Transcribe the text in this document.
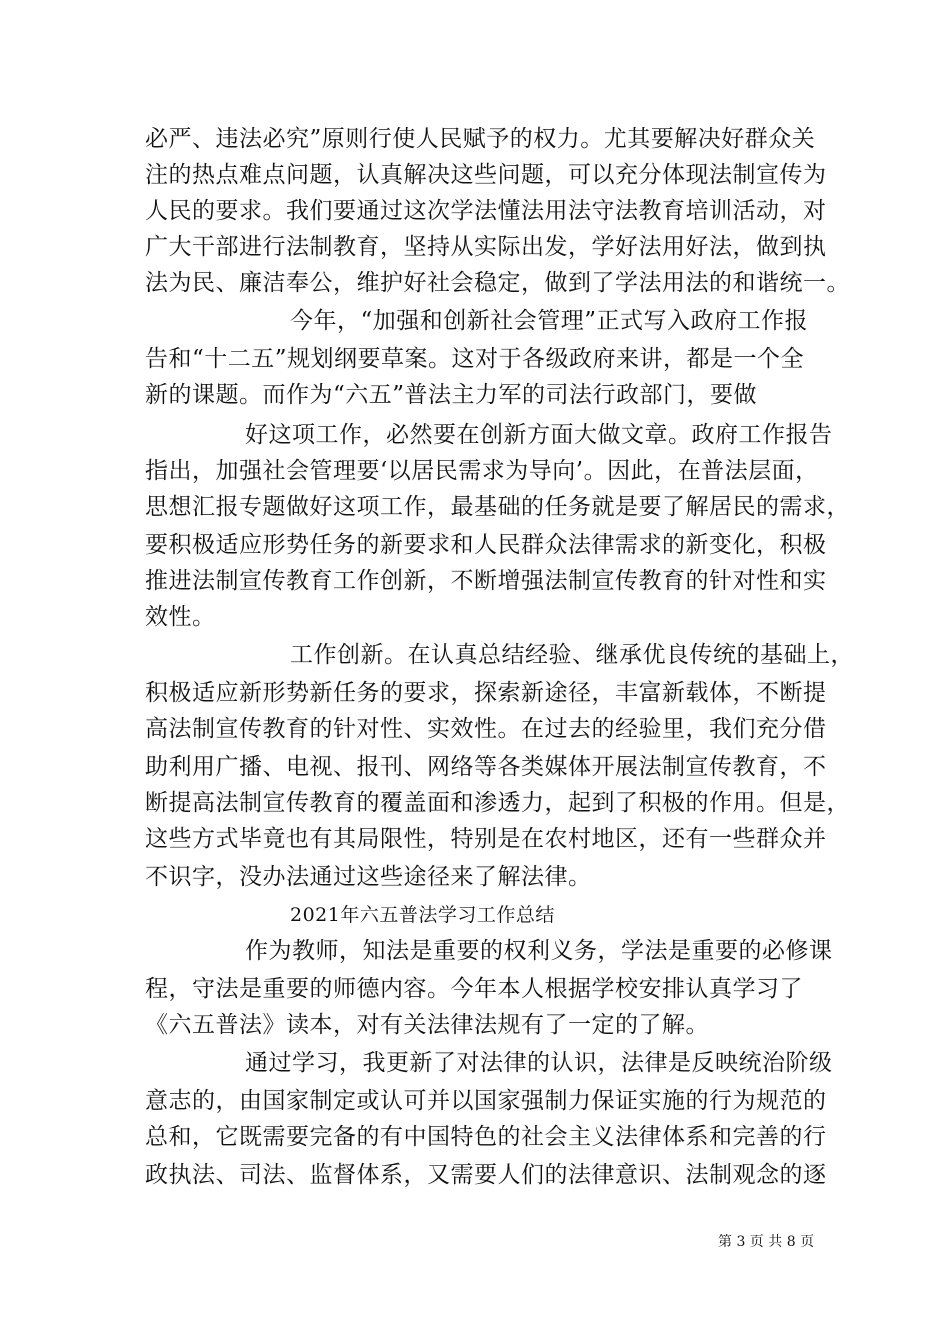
必严、违法必究”原则行使人民赋予的权力。尤其要解决好群众关
注的热点难点问题，认真解决这些问题，可以充分体现法制宣传为
人民的要求。我们要通过这次学法懂法用法守法教育培训活动，对
广大干部进行法制教育，坚持从实际出发，学好法用好法，做到执
法为民、廉洁奉公，维护好社会稳定，做到了学法用法的和谐统一。
今年，“加强和创新社会管理”正式写入政府工作报
告和“十二五”规划纲要草案。这对于各级政府来讲，都是一个全
新的课题。而作为“六五”普法主力军的司法行政部门，要做
好这项工作，必然要在创新方面大做文章。政府工作报告
指出，加强社会管理要‘以居民需求为导向’。因此，在普法层面，
思想汇报专题做好这项工作，最基础的任务就是要了解居民的需求，
要积极适应形势任务的新要求和人民群众法律需求的新变化，积极
推进法制宣传教育工作创新，不断增强法制宣传教育的针对性和实
效性。
工作创新。在认真总结经验、继承优良传统的基础上，
积极适应新形势新任务的要求，探索新途径，丰富新载体，不断提
高法制宣传教育的针对性、实效性。在过去的经验里，我们充分借
助利用广播、电视、报刊、网络等各类媒体开展法制宣传教育，不
断提高法制宣传教育的覆盖面和渗透力，起到了积极的作用。但是，
这些方式毕竟也有其局限性，特别是在农村地区，还有一些群众并
不识字，没办法通过这些途径来了解法律。
2021年六五普法学习工作总结
作为教师，知法是重要的权利义务，学法是重要的必修课
程，守法是重要的师德内容。今年本人根据学校安排认真学习了
《六五普法》读本，对有关法律法规有了一定的了解。
通过学习，我更新了对法律的认识，法律是反映统治阶级
意志的，由国家制定或认可并以国家强制力保证实施的行为规范的
总和，它既需要完备的有中国特色的社会主义法律体系和完善的行
政执法、司法、监督体系，又需要人们的法律意识、法制观念的逐
第 3 页 共 8 页
